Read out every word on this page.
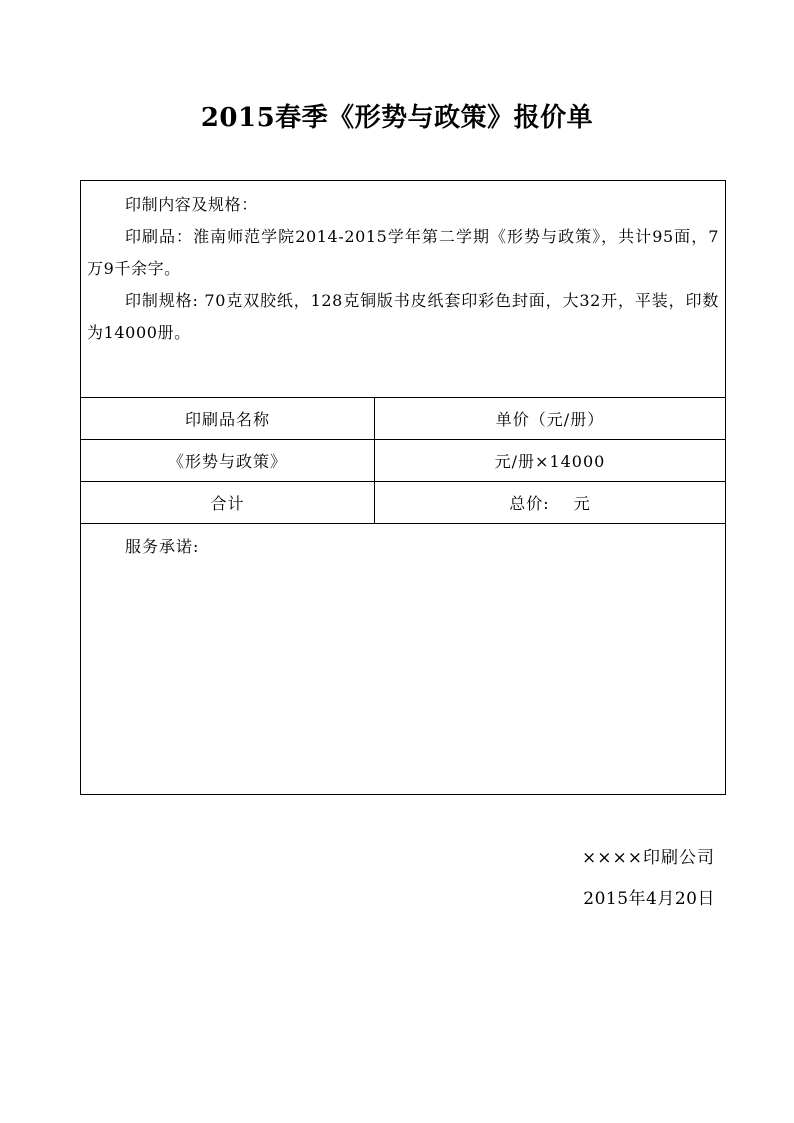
2015春季《形势与政策》报价单
印制内容及规格：
印刷品：淮南师范学院2014-2015学年第二学期《形势与政策》，共计95面，7万9千余字。
印制规格: 70克双胶纸，128克铜版书皮纸套印彩色封面，大32开，平装，印数为14000册。	

印刷品名称	单价（元/册）
《形势与政策》	元/册×14000
合计	总价: 元

服务承诺:	
××××印刷公司
2015年4月20日
